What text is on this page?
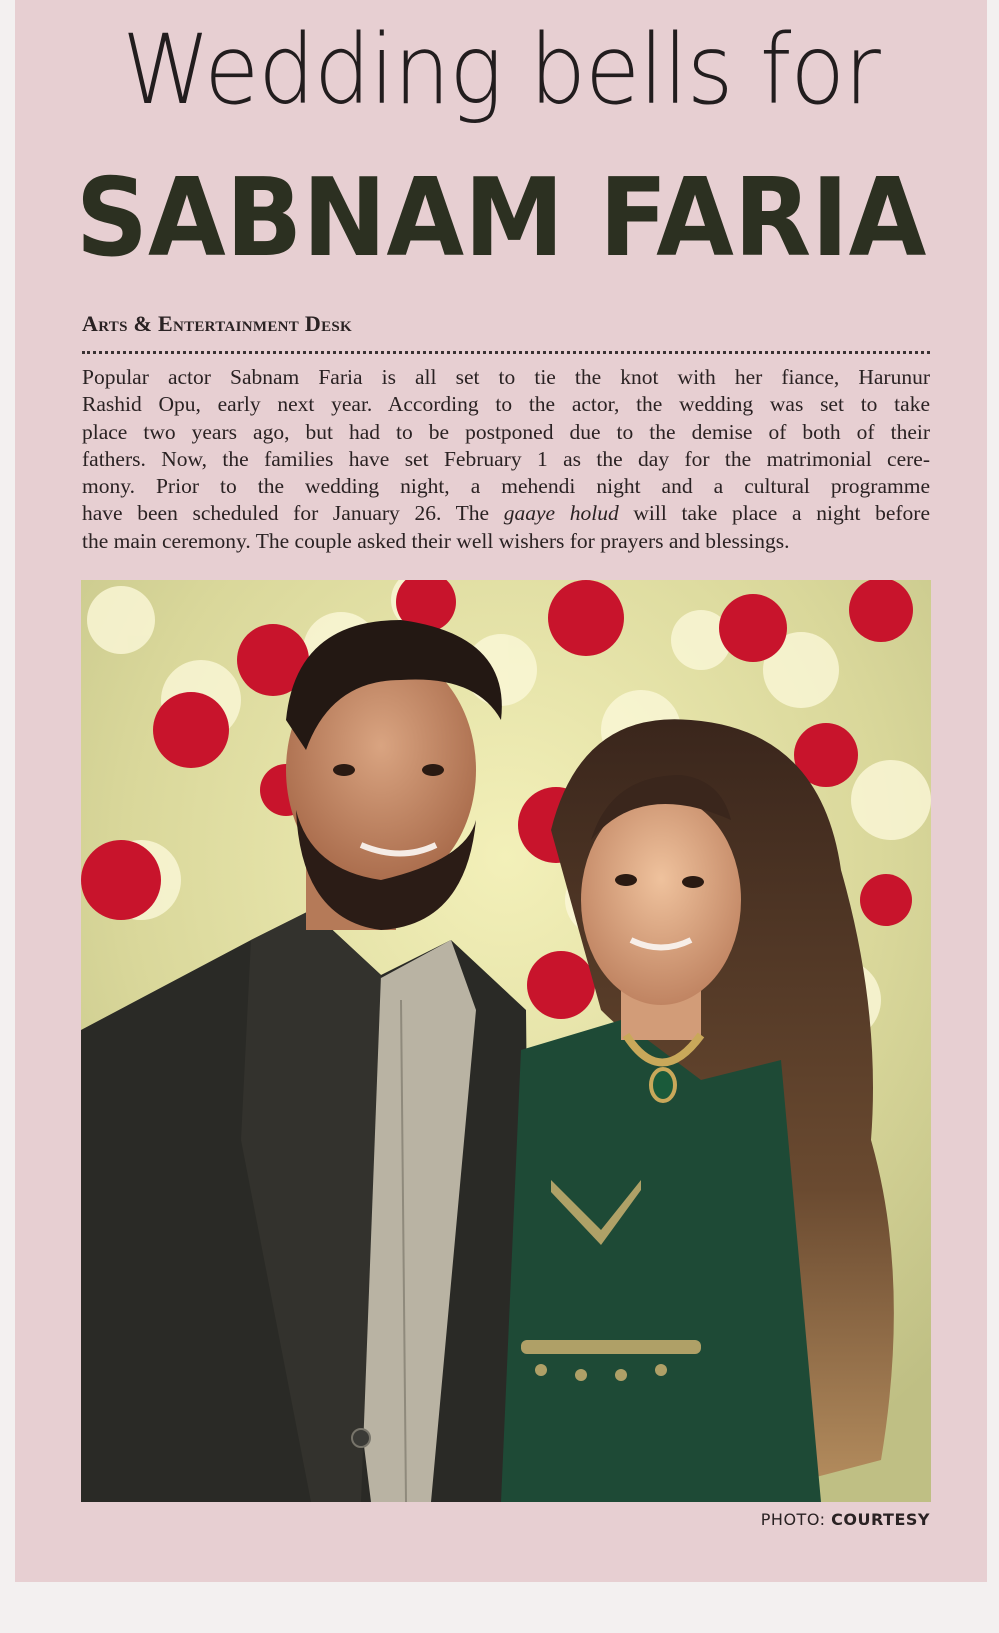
Wedding bells for
SABNAM FARIA
Arts & Entertainment Desk
Popular actor Sabnam Faria is all set to tie the knot with her fiance, Harunur
Rashid Opu, early next year. According to the actor, the wedding was set to take
place two years ago, but had to be postponed due to the demise of both of their
fathers. Now, the families have set February 1 as the day for the matrimonial cere-
mony. Prior to the wedding night, a mehendi night and a cultural programme
have been scheduled for January 26. The gaaye holud will take place a night before
the main ceremony. The couple asked their well wishers for prayers and blessings.
PHOTO: COURTESY
